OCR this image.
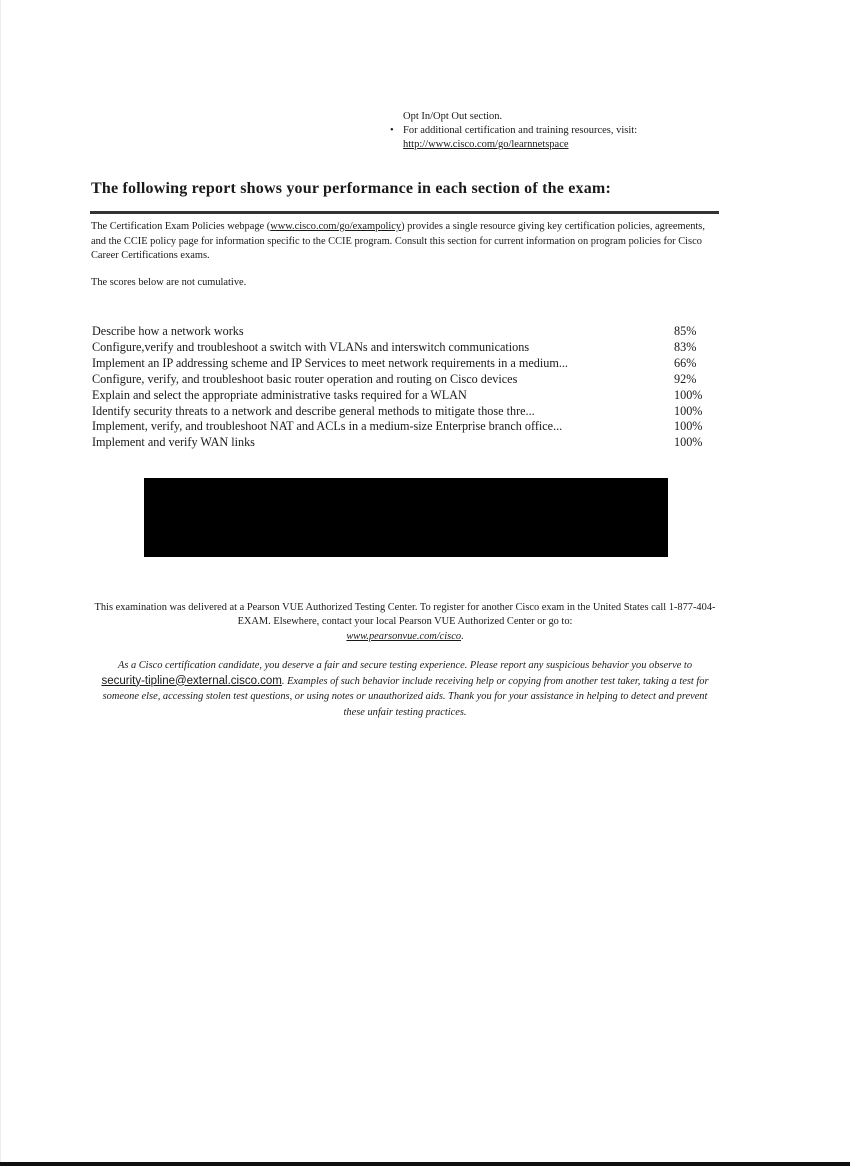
Opt In/Opt Out section.
• For additional certification and training resources, visit:
http://www.cisco.com/go/learnnetspace
The following report shows your performance in each section of the exam:
The Certification Exam Policies webpage (www.cisco.com/go/exampolicy) provides a single resource giving key certification policies, agreements, and the CCIE policy page for information specific to the CCIE program. Consult this section for current information on program policies for Cisco Career Certifications exams.
The scores below are not cumulative.
Describe how a network works	85%
Configure,verify and troubleshoot a switch with VLANs and interswitch communications	83%
Implement an IP addressing scheme and IP Services to meet network requirements in a medium...	66%
Configure, verify, and troubleshoot basic router operation and routing on Cisco devices	92%
Explain and select the appropriate administrative tasks required for a WLAN	100%
Identify security threats to a network and describe general methods to mitigate those thre...	100%
Implement, verify, and troubleshoot NAT and ACLs in a medium-size Enterprise branch office...	100%
Implement and verify WAN links	100%
This examination was delivered at a Pearson VUE Authorized Testing Center. To register for another Cisco exam in the United States call 1-877-404-EXAM. Elsewhere, contact your local Pearson VUE Authorized Center or go to:
www.pearsonvue.com/cisco.
As a Cisco certification candidate, you deserve a fair and secure testing experience. Please report any suspicious behavior you observe to security-tipline@external.cisco.com. Examples of such behavior include receiving help or copying from another test taker, taking a test for someone else, accessing stolen test questions, or using notes or unauthorized aids. Thank you for your assistance in helping to detect and prevent these unfair testing practices.
